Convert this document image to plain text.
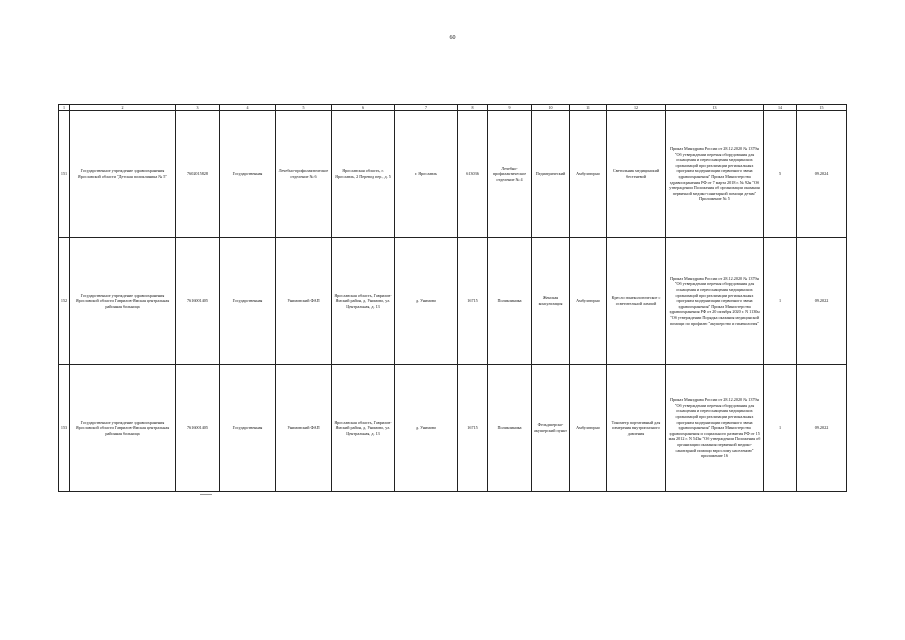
60
1	2	3	4	5	6	7	8	9	10	11	12	13	14	15
151	Государственное учреждение здравоохранения Ярославской области "Детская поликлиника № 5"	7602015828	Государственная	Лечебно-профилактическое отделение № 6	Ярославская область, г. Ярославль, 2 Перевод пер., д. 5	г. Ярославль	613036	Лечебно-профилактическое отделение № 4	Педиатрический	Амбулаторно	Светильник медицинский бестеневой	Приказ Минздрава России от 28.12.2020 № 1379н "Об утверждении перечня оборудования для оснащения и переоснащения медицинских организаций при реализации региональных программ модернизации первичного звена здравоохранения" Приказ Министерства здравоохранения РФ от 7 марта 2018 г. № 92н "Об утверждении Положения об организации оказания первичной медико-санитарной помощи детям" Приложение № 5	5	09.2024
152	Государственное учреждение здравоохранения Ярославской области Гаврилов-Ямская центральная районная больница	7616001405	Государственная	Унимовский ФАП	Ярославская область, Гаврилов-Ямский район, д. Унимово, ул. Центральная, д. 13	д. Унимово	16715	Поликлиника	Женская консультация	Амбулаторно	Кресло гинекологическое с осветительной лампой	Приказ Минздрава России от 28.12.2020 № 1379н "Об утверждении перечня оборудования для оснащения и переоснащения медицинских организаций при реализации региональных программ модернизации первичного звена здравоохранения" Приказ Министерства здравоохранения РФ от 20 октября 2020 г. N 1130н "Об утверждении Порядка оказания медицинской помощи по профилю "акушерство и гинекология"	1	09.2022
153	Государственное учреждение здравоохранения Ярославской области Гаврилов-Ямская центральная районная больница	7616001405	Государственная	Унимовский ФАП	Ярославская область, Гаврилов-Ямский район, д. Унимово, ул. Центральная, д. 13	д. Унимово	16715	Поликлиника	Фельдшерско-акушерский пункт	Амбулаторно	Тонометр портативный для измерения внутриглазного давления	Приказ Минздрава России от 28.12.2020 № 1379н "Об утверждении перечня оборудования для оснащения и переоснащения медицинских организаций при реализации региональных программ модернизации первичного звена здравоохранения" Приказ Министерства здравоохранения и социального развития РФ от 15 мая 2012 г. N 543н "Об утверждении Положения об организации оказания первичной медико-санитарной помощи взрослому населению" приложение 16	1	09.2022
